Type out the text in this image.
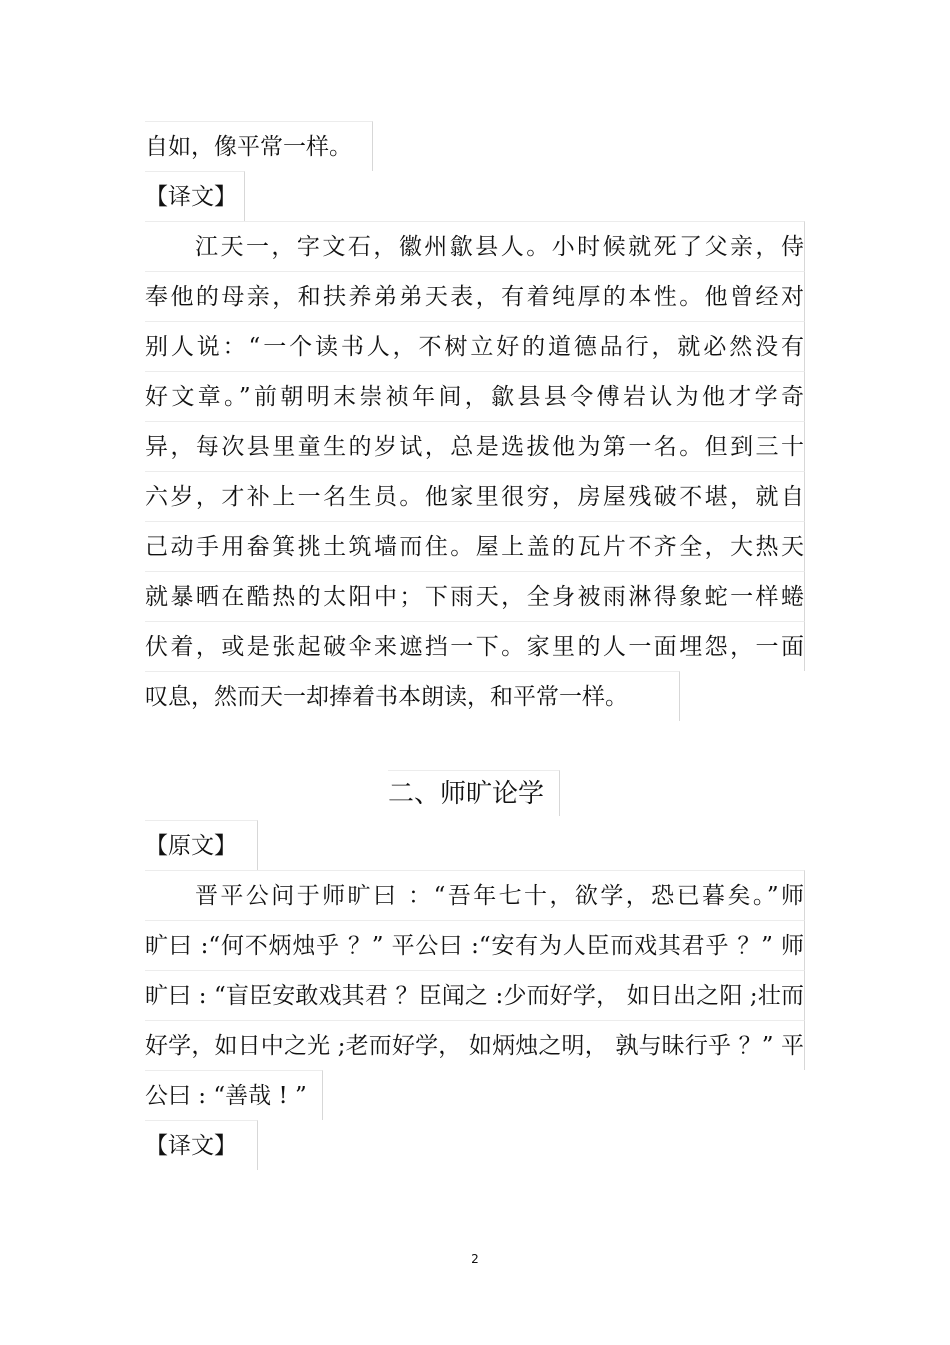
自如，像平常一样。
【译文】
江天一，字文石，徽州歙县人。小时候就死了父亲，侍
奉他的母亲，和扶养弟弟天表，有着纯厚的本性。他曾经对
别人说：“一个读书人，不树立好的道德品行，就必然没有
好文章。”前朝明末崇祯年间，歙县县令傅岩认为他才学奇
异，每次县里童生的岁试，总是选拔他为第一名。但到三十
六岁，才补上一名生员。他家里很穷，房屋残破不堪，就自
己动手用畚箕挑土筑墙而住。屋上盖的瓦片不齐全，大热天
就暴晒在酷热的太阳中；下雨天，全身被雨淋得象蛇一样蜷
伏着，或是张起破伞来遮挡一下。家里的人一面埋怨，一面
叹息，然而天一却捧着书本朗读，和平常一样。
二、师旷论学
【原文】
晋平公问于师旷曰 ：“吾年七十，欲学，恐已暮矣。”师
旷曰 :“何不炳烛乎 ？” 平公曰 :“安有为人臣而戏其君乎 ？” 师
旷曰 : “盲臣安敢戏其君 ？臣闻之 :少而好学， 如日出之阳 ;壮而
好学，如日中之光 ;老而好学， 如炳烛之明， 孰与昧行乎 ？” 平
公曰 : “善哉 ! ”
【译文】
2
